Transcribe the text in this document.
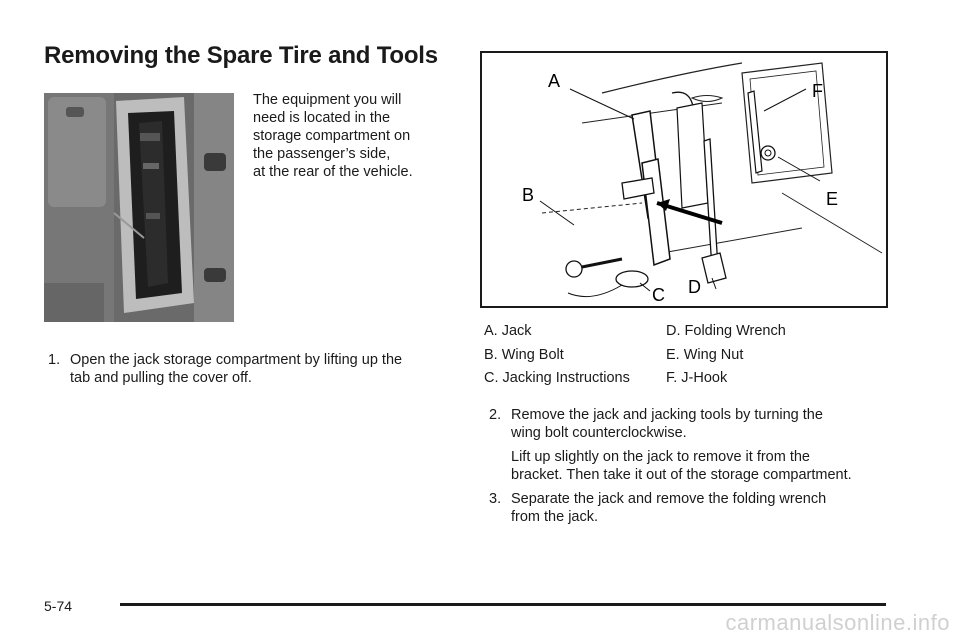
Removing the Spare Tire and Tools
The equipment you will
need is located in the
storage compartment on
the passenger’s side,
at the rear of the vehicle.
1. Open the jack storage compartment by lifting up the
tab and pulling the cover off.
A
B
C D
E
F
A. Jack	D. Folding Wrench
B. Wing Bolt	E. Wing Nut
C. Jacking Instructions	F. J-Hook
2. Remove the jack and jacking tools by turning the
wing bolt counterclockwise.
Lift up slightly on the jack to remove it from the
bracket. Then take it out of the storage compartment.
3. Separate the jack and remove the folding wrench
from the jack.
5-74
carmanualsonline.info
